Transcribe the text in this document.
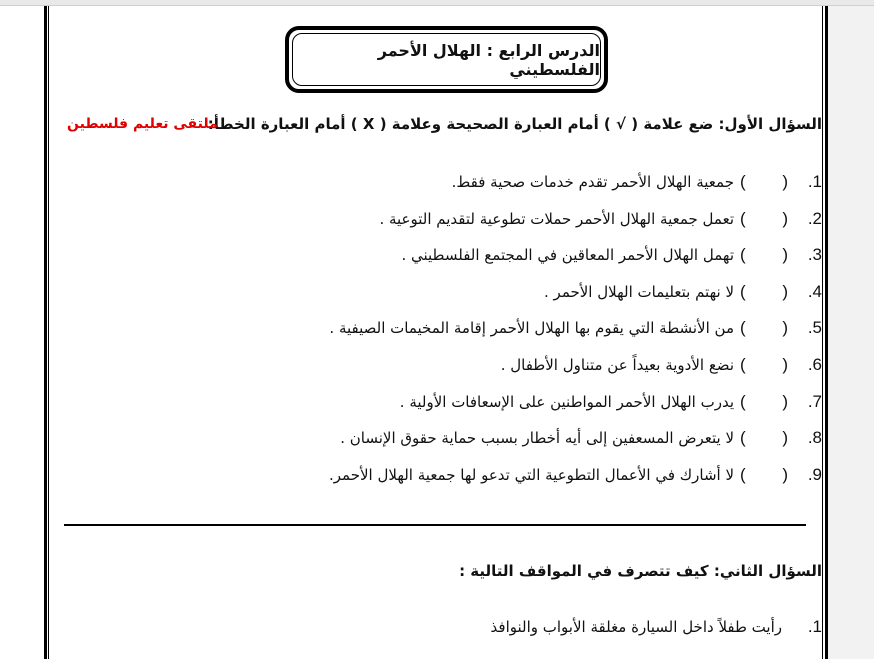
الدرس الرابع : الهلال الأحمر الفلسطيني
السؤال الأول: ضع علامة ( √ ) أمام العبارة الصحيحة وعلامة ( X ) أمام العبارة الخطأ:
ملتقى تعليم فلسطين
.1
( )
جمعية الهلال الأحمر تقدم خدمات صحية فقط.
.2
( )
تعمل جمعية الهلال الأحمر حملات تطوعية لتقديم التوعية .
.3
( )
تهمل الهلال الأحمر المعاقين في المجتمع الفلسطيني .
.4
( )
لا نهتم بتعليمات الهلال الأحمر .
.5
( )
من الأنشطة التي يقوم بها الهلال الأحمر إقامة المخيمات الصيفية .
.6
( )
نضع الأدوية بعيداً عن متناول الأطفال .
.7
( )
يدرب الهلال الأحمر المواطنين على الإسعافات الأولية .
.8
( )
لا يتعرض المسعفين إلى أيه أخطار بسبب حماية حقوق الإنسان .
.9
( )
لا أشارك في الأعمال التطوعية التي تدعو لها جمعية الهلال الأحمر.
السؤال الثاني: كيف تتصرف في المواقف التالية :
.1
رأيت طفلاً داخل السيارة مغلقة الأبواب والنوافذ
